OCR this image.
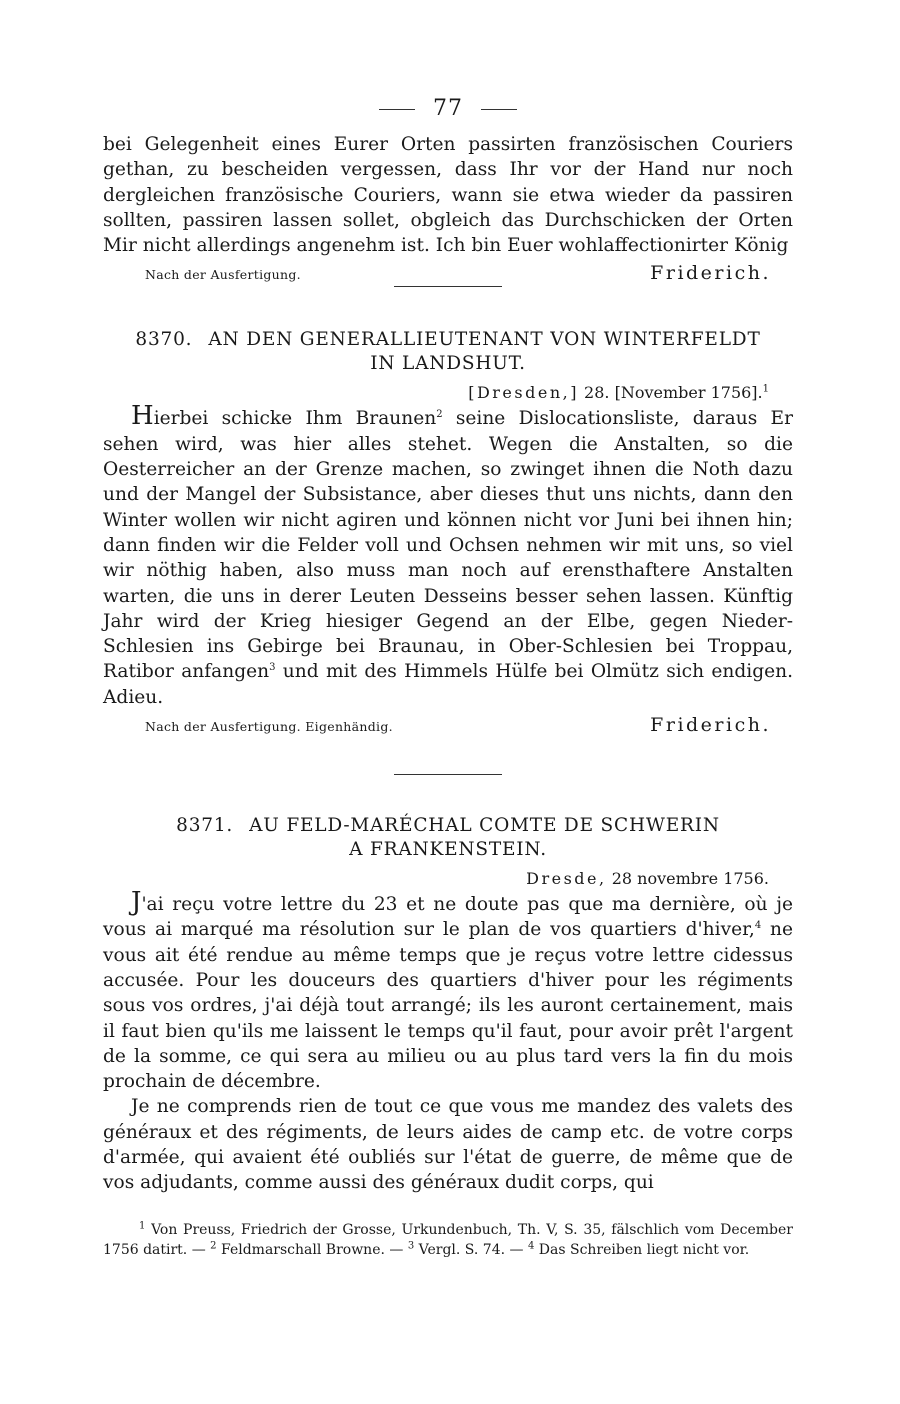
77

bei Gelegenheit eines Eurer Orten passirten französischen Couriers gethan, zu bescheiden vergessen, dass Ihr vor der Hand nur noch dergleichen französische Couriers, wann sie etwa wieder da passiren sollten, passiren lassen sollet, obgleich das Durchschicken der Orten Mir nicht allerdings angenehm ist. Ich bin Euer wohlaffectionirter König

Nach der Ausfertigung.	Friderich.
8370. AN DEN GENERALLIEUTENANT VON WINTERFELDT
IN LANDSHUT.
[Dresden,] 28. [November 1756].$^1$

Hierbei schicke Ihm Braunen$^2$ seine Dislocationsliste, daraus Er sehen wird, was hier alles stehet. Wegen die Anstalten, so die Oesterreicher an der Grenze machen, so zwinget ihnen die Noth dazu und der Mangel der Subsistance, aber dieses thut uns nichts, dann den Winter wollen wir nicht agiren und können nicht vor Juni bei ihnen hin; dann finden wir die Felder voll und Ochsen nehmen wir mit uns, so viel wir nöthig haben, also muss man noch auf erensthaftere Anstalten warten, die uns in derer Leuten Desseins besser sehen lassen. Künftig Jahr wird der Krieg hiesiger Gegend an der Elbe, gegen Nieder-Schlesien ins Gebirge bei Braunau, in Ober-Schlesien bei Troppau, Ratibor anfangen$^3$ und mit des Himmels Hülfe bei Olmütz sich endigen. Adieu.

Nach der Ausfertigung. Eigenhändig.	Friderich.
8371. AU FELD-MARÉCHAL COMTE DE SCHWERIN
A FRANKENSTEIN.
Dresde, 28 novembre 1756.

J'ai reçu votre lettre du 23 et ne doute pas que ma dernière, où je vous ai marqué ma résolution sur le plan de vos quartiers d'hiver,$^4$ ne vous ait été rendue au même temps que je reçus votre lettre cidessus accusée. Pour les douceurs des quartiers d'hiver pour les régiments sous vos ordres, j'ai déjà tout arrangé; ils les auront certainement, mais il faut bien qu'ils me laissent le temps qu'il faut, pour avoir prêt l'argent de la somme, ce qui sera au milieu ou au plus tard vers la fin du mois prochain de décembre.

Je ne comprends rien de tout ce que vous me mandez des valets des généraux et des régiments, de leurs aides de camp etc. de votre corps d'armée, qui avaient été oubliés sur l'état de guerre, de même que de vos adjudants, comme aussi des généraux dudit corps, qui

$^1$ Von Preuss, Friedrich der Grosse, Urkundenbuch, Th. V, S. 35, fälschlich vom December 1756 datirt. — $^2$ Feldmarschall Browne. — $^3$ Vergl. S. 74. — $^4$ Das Schreiben liegt nicht vor.
